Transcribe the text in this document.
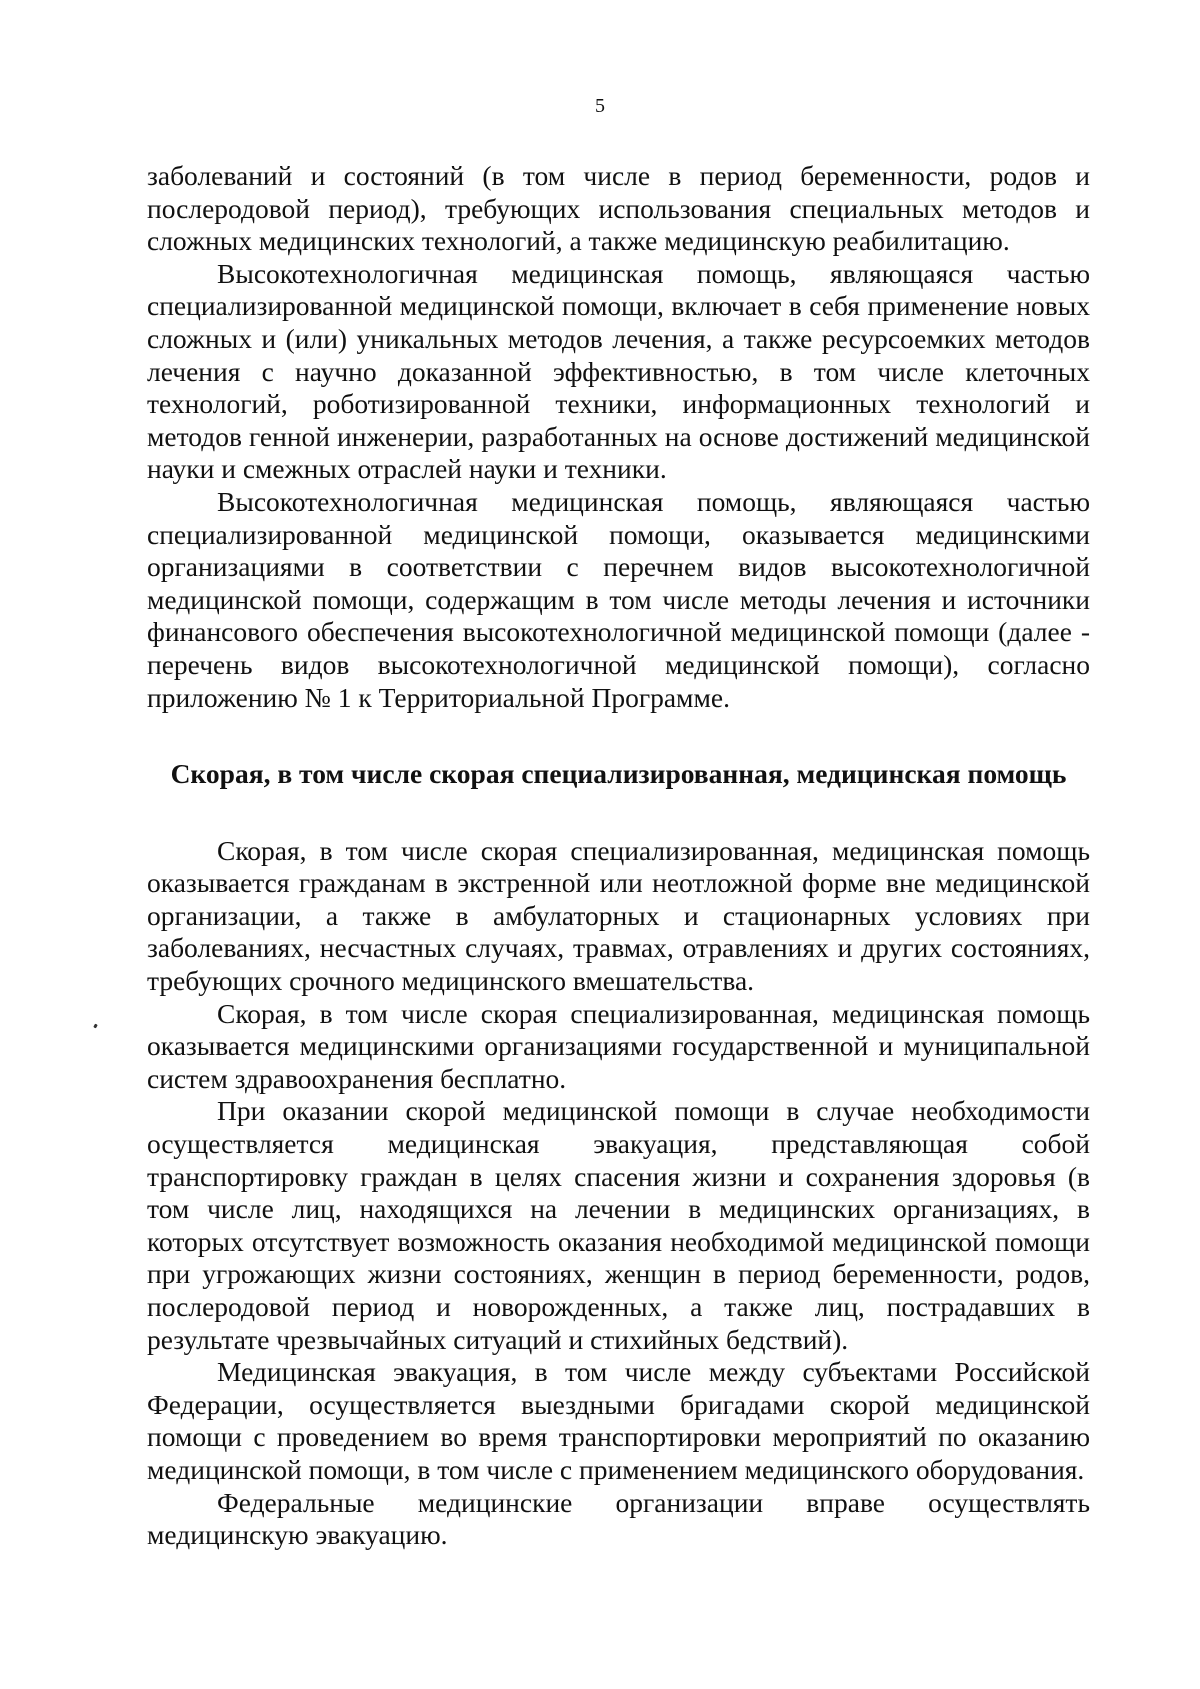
5

заболеваний и состояний (в том числе в период беременности, родов и послеродовой период), требующих использования специальных методов и сложных медицинских технологий, а также медицинскую реабилитацию.

Высокотехнологичная медицинская помощь, являющаяся частью специализированной медицинской помощи, включает в себя применение новых сложных и (или) уникальных методов лечения, а также ресурсоемких методов лечения с научно доказанной эффективностью, в том числе клеточных технологий, роботизированной техники, информационных технологий и методов генной инженерии, разработанных на основе достижений медицинской науки и смежных отраслей науки и техники.

Высокотехнологичная медицинская помощь, являющаяся частью специализированной медицинской помощи, оказывается медицинскими организациями в соответствии с перечнем видов высокотехнологичной медицинской помощи, содержащим в том числе методы лечения и источники финансового обеспечения высокотехнологичной медицинской помощи (далее - перечень видов высокотехнологичной медицинской помощи), согласно приложению № 1 к Территориальной Программе.

Скорая, в том числе скорая специализированная, медицинская помощь

Скорая, в том числе скорая специализированная, медицинская помощь оказывается гражданам в экстренной или неотложной форме вне медицинской организации, а также в амбулаторных и стационарных условиях при заболеваниях, несчастных случаях, травмах, отравлениях и других состояниях, требующих срочного медицинского вмешательства.

Скорая, в том числе скорая специализированная, медицинская помощь оказывается медицинскими организациями государственной и муниципальной систем здравоохранения бесплатно.

При оказании скорой медицинской помощи в случае необходимости осуществляется медицинская эвакуация, представляющая собой транспортировку граждан в целях спасения жизни и сохранения здоровья (в том числе лиц, находящихся на лечении в медицинских организациях, в которых отсутствует возможность оказания необходимой медицинской помощи при угрожающих жизни состояниях, женщин в период беременности, родов, послеродовой период и новорожденных, а также лиц, пострадавших в результате чрезвычайных ситуаций и стихийных бедствий).

Медицинская эвакуация, в том числе между субъектами Российской Федерации, осуществляется выездными бригадами скорой медицинской помощи с проведением во время транспортировки мероприятий по оказанию медицинской помощи, в том числе с применением медицинского оборудования.

Федеральные медицинские организации вправе осуществлять медицинскую эвакуацию.
